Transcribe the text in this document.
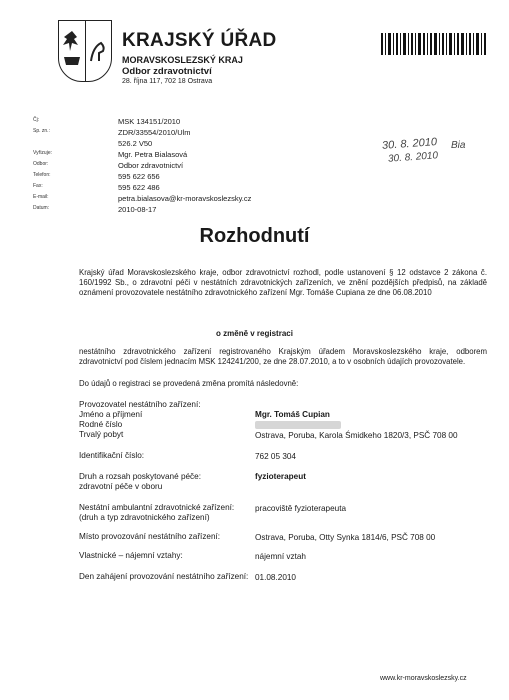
KRAJSKÝ ÚŘAD
MORAVSKOSLEZSKÝ KRAJ
Odbor zdravotnictví
28. října 117, 702 18 Ostrava
Čj:	MSK 134151/2010
Sp. zn.:	ZDR/33554/2010/Ulm
526.2 V50
Vyřizuje:	Mgr. Petra Bialasová
Odbor:	Odbor zdravotnictví
Telefon:	595 622 656
Fax:	595 622 486
E-mail:	petra.bialasova@kr-moravskoslezsky.cz
Datum:	2010-08-17
30. 8. 2010
30. 8. 2010
Bia
Rozhodnutí

Krajský úřad Moravskoslezského kraje, odbor zdravotnictví rozhodl, podle ustanovení § 12 odstavce 2 zákona č. 160/1992 Sb., o zdravotní péči v nestátních zdravotnických zařízeních, ve znění pozdějších předpisů, na základě oznámení provozovatele nestátního zdravotnického zařízení Mgr. Tomáše Cupiana ze dne 06.08.2010

o změně v registraci

nestátního zdravotnického zařízení registrovaného Krajským úřadem Moravskoslezského kraje, odborem zdravotnictví pod číslem jednacím MSK 124241/200, ze dne 28.07.2010, a to v osobních údajích provozovatele.

Do údajů o registraci se provedená změna promítá následovně:

Provozovatel nestátního zařízení:
Jméno a příjmení	Mgr. Tomáš Cupian
Rodné číslo
Trvalý pobyt	Ostrava, Poruba, Karola Śmidkeho 1820/3, PSČ 708 00
Identifikační číslo:	762 05 304
Druh a rozsah poskytované péče:	fyzioterapeut
zdravotní péče v oboru
Nestátní ambulantní zdravotnické zařízení:	pracoviště fyzioterapeuta
(druh a typ zdravotnického zařízení)
Místo provozování nestátního zařízení:	Ostrava, Poruba, Otty Synka 1814/6, PSČ 708 00
Vlastnické – nájemní vztahy:	nájemní vztah
Den zahájení provozování nestátního zařízení: 01.08.2010
www.kr-moravskoslezsky.cz
